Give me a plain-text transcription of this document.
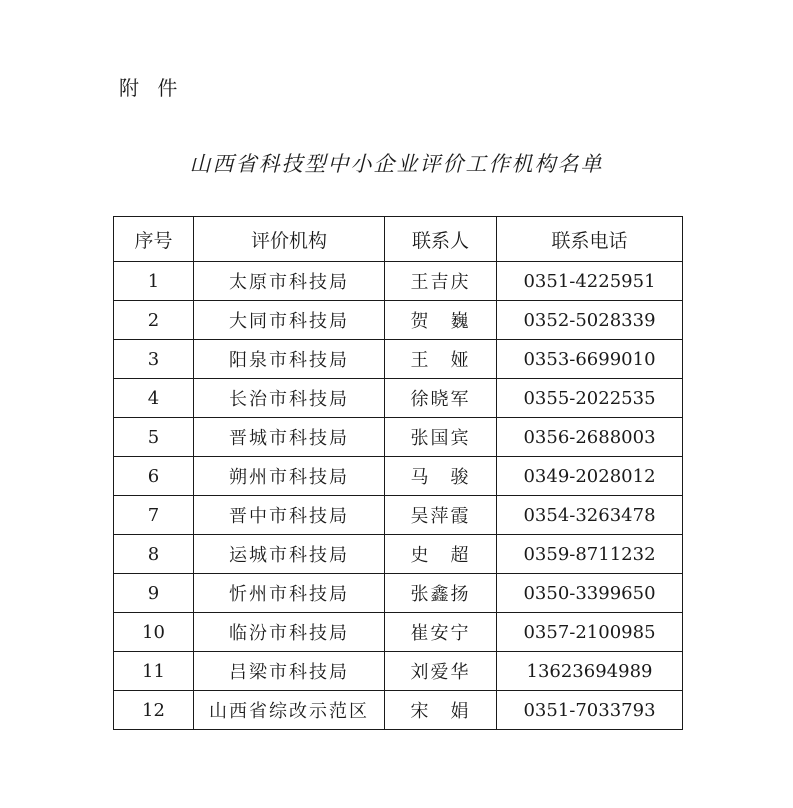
附 件
山西省科技型中小企业评价工作机构名单
序号	评价机构	联系人	联系电话
1	太原市科技局	王吉庆	0351-4225951
2	大同市科技局	贺　巍	0352-5028339
3	阳泉市科技局	王　娅	0353-6699010
4	长治市科技局	徐晓军	0355-2022535
5	晋城市科技局	张国宾	0356-2688003
6	朔州市科技局	马　骏	0349-2028012
7	晋中市科技局	吴萍霞	0354-3263478
8	运城市科技局	史　超	0359-8711232
9	忻州市科技局	张鑫扬	0350-3399650
10	临汾市科技局	崔安宁	0357-2100985
11	吕梁市科技局	刘爱华	13623694989
12	山西省综改示范区	宋　娟	0351-7033793
